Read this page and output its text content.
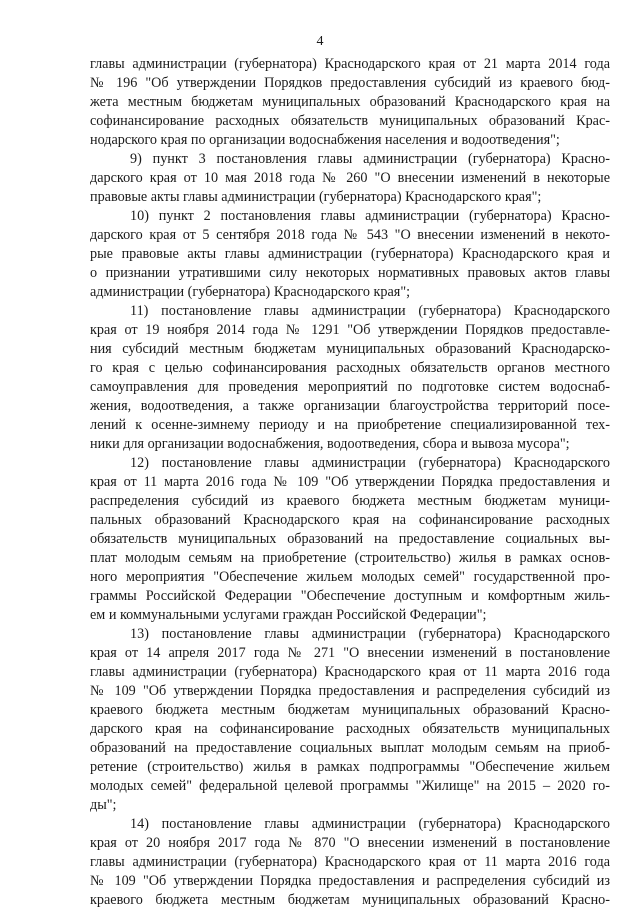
4
главы администрации (губернатора) Краснодарского края от 21 марта 2014 года
№ 196 "Об утверждении Порядков предоставления субсидий из краевого бюд-
жета местным бюджетам муниципальных образований Краснодарского края на
софинансирование расходных обязательств муниципальных образований Крас-
нодарского края по организации водоснабжения населения и водоотведения";
9) пункт 3 постановления главы администрации (губернатора) Красно-
дарского края от 10 мая 2018 года № 260 "О внесении изменений в некоторые
правовые акты главы администрации (губернатора) Краснодарского края";
10) пункт 2 постановления главы администрации (губернатора) Красно-
дарского края от 5 сентября 2018 года № 543 "О внесении изменений в некото-
рые правовые акты главы администрации (губернатора) Краснодарского края и
о признании утратившими силу некоторых нормативных правовых актов главы
администрации (губернатора) Краснодарского края";
11) постановление главы администрации (губернатора) Краснодарского
края от 19 ноября 2014 года № 1291 "Об утверждении Порядков предоставле-
ния субсидий местным бюджетам муниципальных образований Краснодарско-
го края с целью софинансирования расходных обязательств органов местного
самоуправления для проведения мероприятий по подготовке систем водоснаб-
жения, водоотведения, а также организации благоустройства территорий посе-
лений к осенне-зимнему периоду и на приобретение специализированной тех-
ники для организации водоснабжения, водоотведения, сбора и вывоза мусора";
12) постановление главы администрации (губернатора) Краснодарского
края от 11 марта 2016 года № 109 "Об утверждении Порядка предоставления и
распределения субсидий из краевого бюджета местным бюджетам муници-
пальных образований Краснодарского края на софинансирование расходных
обязательств муниципальных образований на предоставление социальных вы-
плат молодым семьям на приобретение (строительство) жилья в рамках основ-
ного мероприятия "Обеспечение жильем молодых семей" государственной про-
граммы Российской Федерации "Обеспечение доступным и комфортным жиль-
ем и коммунальными услугами граждан Российской Федерации";
13) постановление главы администрации (губернатора) Краснодарского
края от 14 апреля 2017 года № 271 "О внесении изменений в постановление
главы администрации (губернатора) Краснодарского края от 11 марта 2016 года
№ 109 "Об утверждении Порядка предоставления и распределения субсидий из
краевого бюджета местным бюджетам муниципальных образований Красно-
дарского края на софинансирование расходных обязательств муниципальных
образований на предоставление социальных выплат молодым семьям на приоб-
ретение (строительство) жилья в рамках подпрограммы "Обеспечение жильем
молодых семей" федеральной целевой программы "Жилище" на 2015 – 2020 го-
ды";
14) постановление главы администрации (губернатора) Краснодарского
края от 20 ноября 2017 года № 870 "О внесении изменений в постановление
главы администрации (губернатора) Краснодарского края от 11 марта 2016 года
№ 109 "Об утверждении Порядка предоставления и распределения субсидий из
краевого бюджета местным бюджетам муниципальных образований Красно-
